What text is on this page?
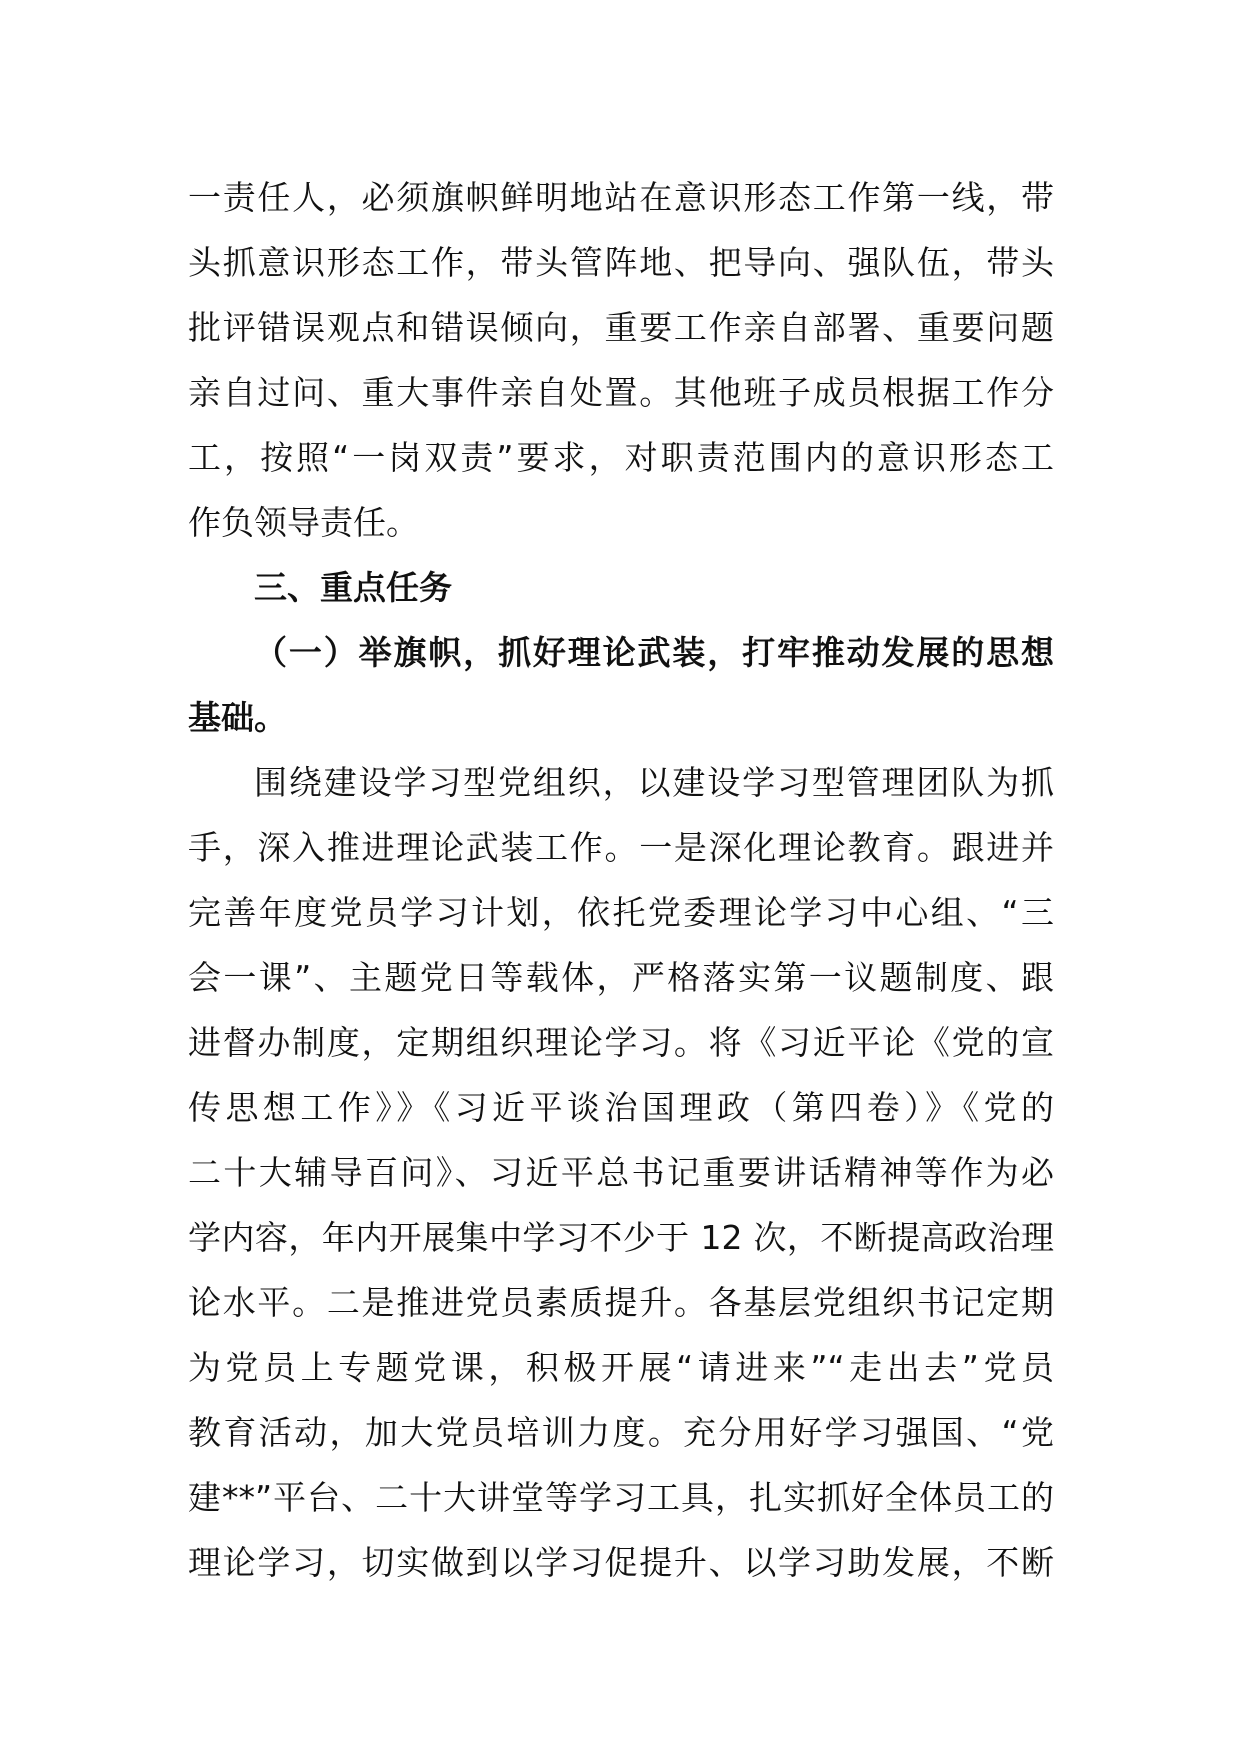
一责任人，必须旗帜鲜明地站在意识形态工作第一线，带
头抓意识形态工作，带头管阵地、把导向、强队伍，带头
批评错误观点和错误倾向，重要工作亲自部署、重要问题
亲自过问、重大事件亲自处置。其他班子成员根据工作分
工，按照“一岗双责”要求，对职责范围内的意识形态工
作负领导责任。
三、重点任务
（一）举旗帜，抓好理论武装，打牢推动发展的思想
基础。
围绕建设学习型党组织，以建设学习型管理团队为抓
手，深入推进理论武装工作。一是深化理论教育。跟进并
完善年度党员学习计划，依托党委理论学习中心组、“三
会一课”、主题党日等载体，严格落实第一议题制度、跟
进督办制度，定期组织理论学习。将《习近平论《党的宣
传思想工作》》《习近平谈治国理政（第四卷）》《党的
二十大辅导百问》、习近平总书记重要讲话精神等作为必
学内容，年内开展集中学习不少于 12 次，不断提高政治理
论水平。二是推进党员素质提升。各基层党组织书记定期
为党员上专题党课，积极开展“请进来”“走出去”党员
教育活动，加大党员培训力度。充分用好学习强国、“党
建**”平台、二十大讲堂等学习工具，扎实抓好全体员工的
理论学习，切实做到以学习促提升、以学习助发展，不断
